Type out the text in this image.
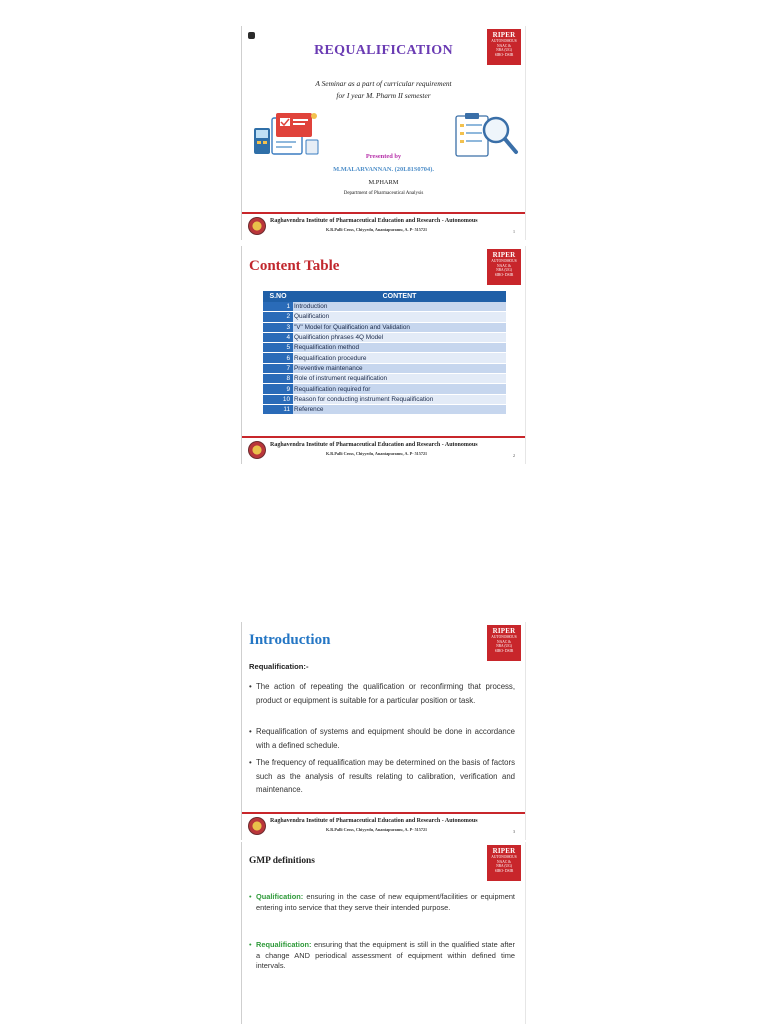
RIPER
AUTONOMOUS
NAAC &
NBA (UG)
SIRO- DSIR
REQUALIFICATION
A Seminar as a part of curricular requirement
for I year M. Pharm II semester
Presented by
M.MALARVANNAN. (20L81S0704).
M.PHARM
Department of Pharmaceutical Analysis
Raghavendra Institute of Pharmaceutical Education and Research - Autonomous
K.R.Palli Cross, Chiyyedu, Anantapuramu, A. P- 515721	1
RIPER
AUTONOMOUS
NAAC &
NBA (UG)
SIRO- DSIR
Content Table
S.NO	CONTENT
1	Introduction
2	Qualification
3	"V" Model for Qualification and Validation
4	Qualification phrases 4Q Model
5	Requalification method
6	Requalification procedure
7	Preventive maintenance
8	Role of instrument requalification
9	Requalification required for
10	Reason for conducting instrument Requalification
11	Reference
Raghavendra Institute of Pharmaceutical Education and Research - Autonomous
K.R.Palli Cross, Chiyyedu, Anantapuramu, A. P- 515721	2
RIPER
AUTONOMOUS
NAAC &
NBA (UG)
SIRO- DSIR
Introduction
Requalification:-
• The action of repeating the qualification or reconfirming that process, product or equipment is suitable for a particular position or task.
• Requalification of systems and equipment should be done in accordance with a defined schedule.
• The frequency of requalification may be determined on the basis of factors such as the analysis of results relating to calibration, verification and maintenance.
Raghavendra Institute of Pharmaceutical Education and Research - Autonomous
K.R.Palli Cross, Chiyyedu, Anantapuramu, A. P- 515721	3
RIPER
AUTONOMOUS
NAAC &
NBA (UG)
SIRO- DSIR
GMP definitions
• Qualification: ensuring in the case of new equipment/facilities or equipment entering into service that they serve their intended purpose.
• Requalification: ensuring that the equipment is still in the qualified state after a change AND periodical assessment of equipment within defined time intervals.
